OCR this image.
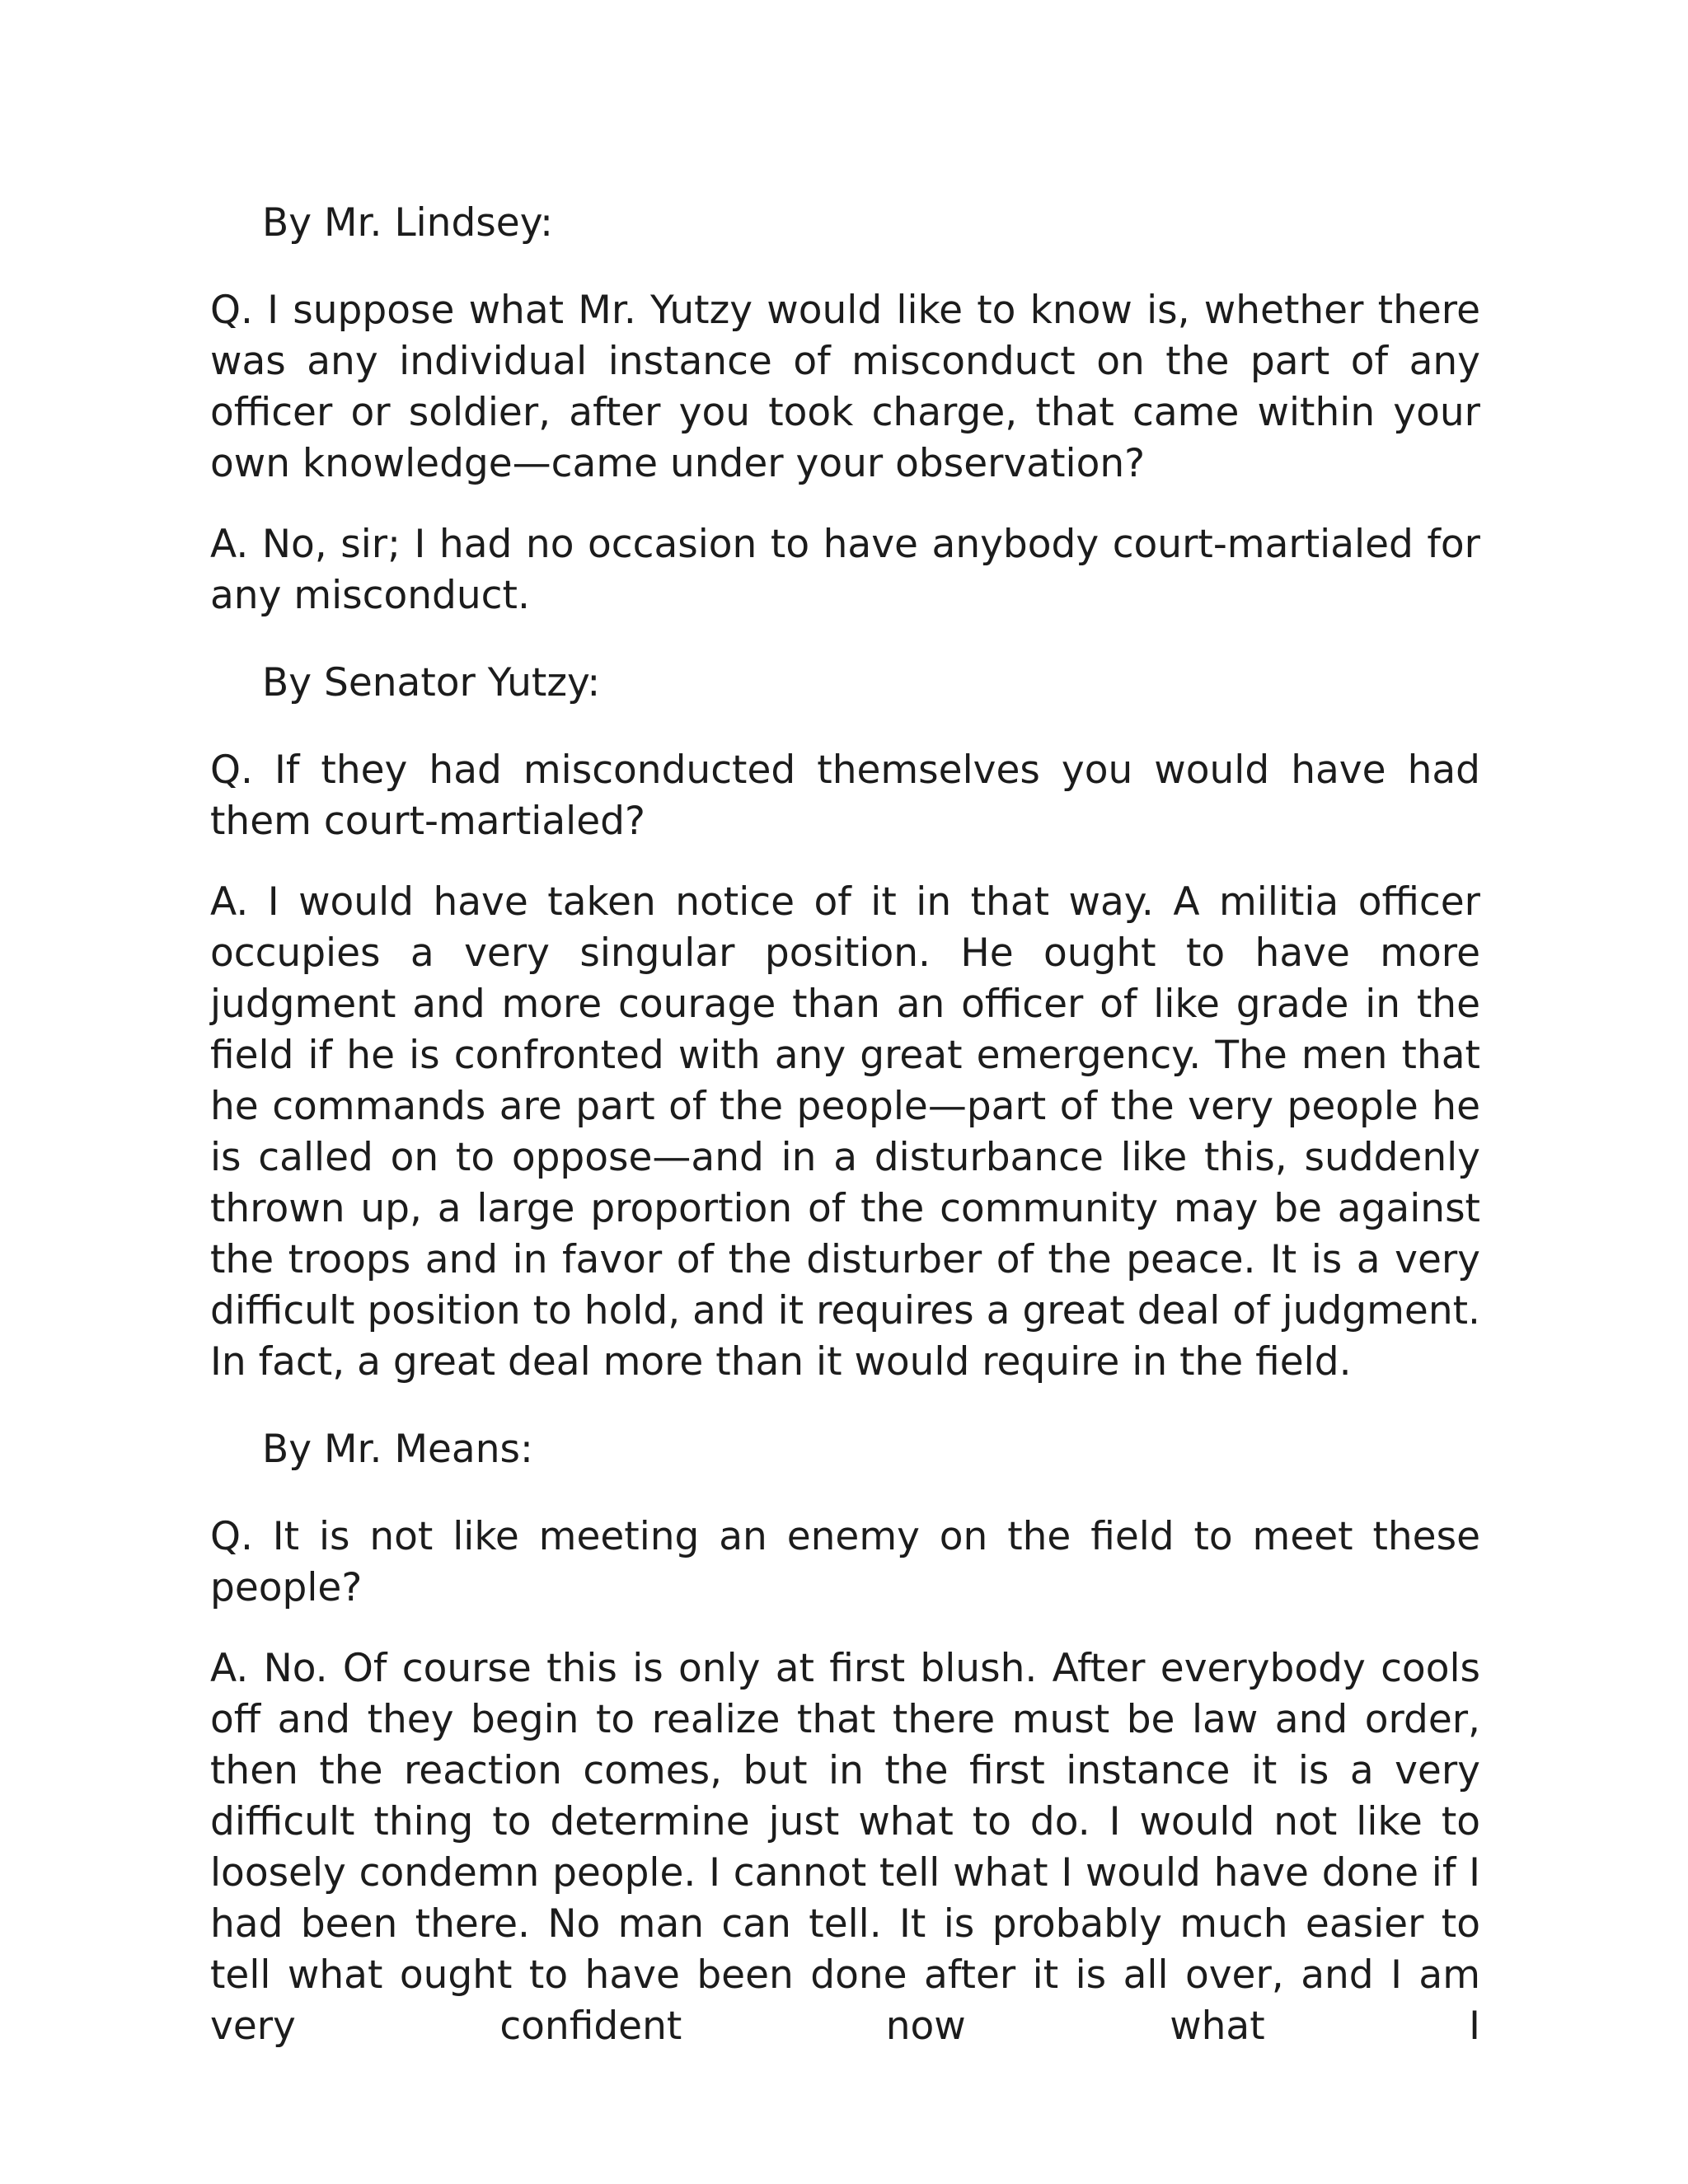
By Mr. Lindsey:

Q. I suppose what Mr. Yutzy would like to know is, whether there was any individual instance of misconduct on the part of any officer or soldier, after you took charge, that came within your own knowledge—came under your observation?

A. No, sir; I had no occasion to have anybody court-martialed for any misconduct.

By Senator Yutzy:

Q. If they had misconducted themselves you would have had them court-martialed?

A. I would have taken notice of it in that way. A militia officer occupies a very singular position. He ought to have more judgment and more courage than an officer of like grade in the field if he is confronted with any great emergency. The men that he commands are part of the people—part of the very people he is called on to oppose—and in a disturbance like this, suddenly thrown up, a large proportion of the community may be against the troops and in favor of the disturber of the peace. It is a very difficult position to hold, and it requires a great deal of judgment. In fact, a great deal more than it would require in the field.

By Mr. Means:

Q. It is not like meeting an enemy on the field to meet these people?

A. No. Of course this is only at first blush. After everybody cools off and they begin to realize that there must be law and order, then the reaction comes, but in the first instance it is a very difficult thing to determine just what to do. I would not like to loosely condemn people. I cannot tell what I would have done if I had been there. No man can tell. It is probably much easier to tell what ought to have been done after it is all over, and I am very confident now what I
